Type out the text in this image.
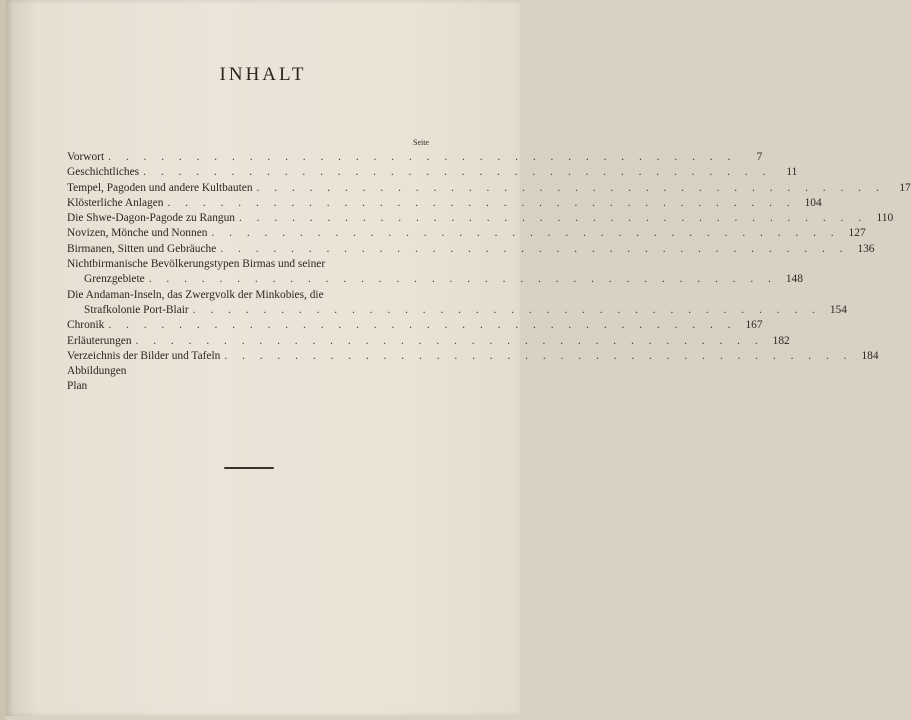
INHALT
Seite
Vorwort . . . . . . . . . . . . . . . . . . . . . . . . . . . . . . . . . . . .	7
Geschichtliches . . . . . . . . . . . . . . . . . . . . . . . . . . . . . . . . . . . .	11
Tempel, Pagoden und andere Kultbauten . . . . . . . . . . . . . . . . . . . . . . . . . . . . . . . . . . . .	17
Klösterliche Anlagen . . . . . . . . . . . . . . . . . . . . . . . . . . . . . . . . . . . . 104
Die Shwe-Dagon-Pagode zu Rangun . . . . . . . . . . . . . . . . . . . . . . . . . . . . . . . . . . . . 110
Novizen, Mönche und Nonnen . . . . . . . . . . . . . . . . . . . . . . . . . . . . . . . . . . . . 127
Birmanen, Sitten und Gebräuche . . . . . . . . . . . . . . . . . . . . . . . . . . . . . . . . . . . . 136
Nichtbirmanische Bevölkerungstypen Birmas und seiner
Grenzgebiete . . . . . . . . . . . . . . . . . . . . . . . . . . . . . . . . . . . . 148
Die Andaman-Inseln, das Zwergvolk der Minkobies, die
Strafkolonie Port-Blair . . . . . . . . . . . . . . . . . . . . . . . . . . . . . . . . . . . . 154
Chronik . . . . . . . . . . . . . . . . . . . . . . . . . . . . . . . . . . . . 167
Erläuterungen . . . . . . . . . . . . . . . . . . . . . . . . . . . . . . . . . . . . 182
Verzeichnis der Bilder und Tafeln . . . . . . . . . . . . . . . . . . . . . . . . . . . . . . . . . . . . 184
Abbildungen
Plan
